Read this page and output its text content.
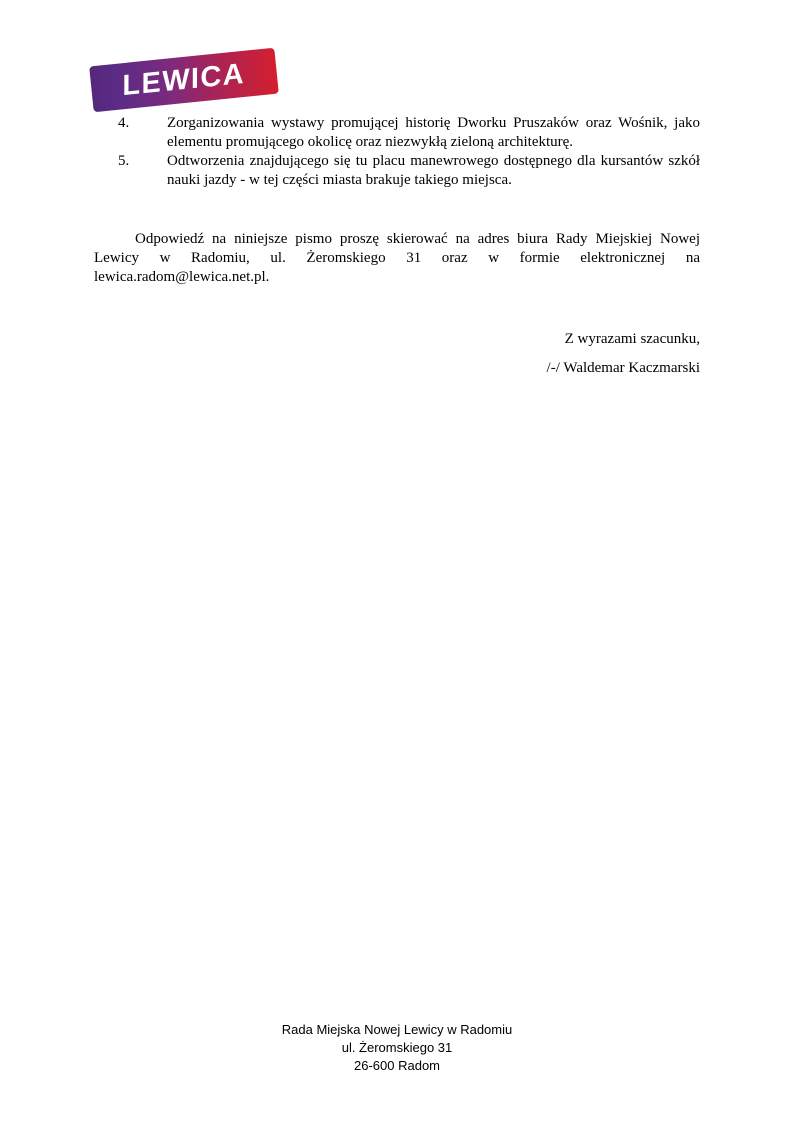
LEWICA
4.	Zorganizowania wystawy promującej historię Dworku Pruszaków oraz Wośnik, jako elementu promującego okolicę oraz niezwykłą zieloną architekturę.
5.	Odtworzenia znajdującego się tu placu manewrowego dostępnego dla kursantów szkół nauki jazdy - w tej części miasta brakuje takiego miejsca.
Odpowiedź na niniejsze pismo proszę skierować na adres biura Rady Miejskiej Nowej Lewicy w Radomiu, ul. Żeromskiego 31 oraz w formie elektronicznej na lewica.radom@lewica.net.pl.
Z wyrazami szacunku,
/-/ Waldemar Kaczmarski
Rada Miejska Nowej Lewicy w Radomiu
ul. Żeromskiego 31
26-600 Radom
